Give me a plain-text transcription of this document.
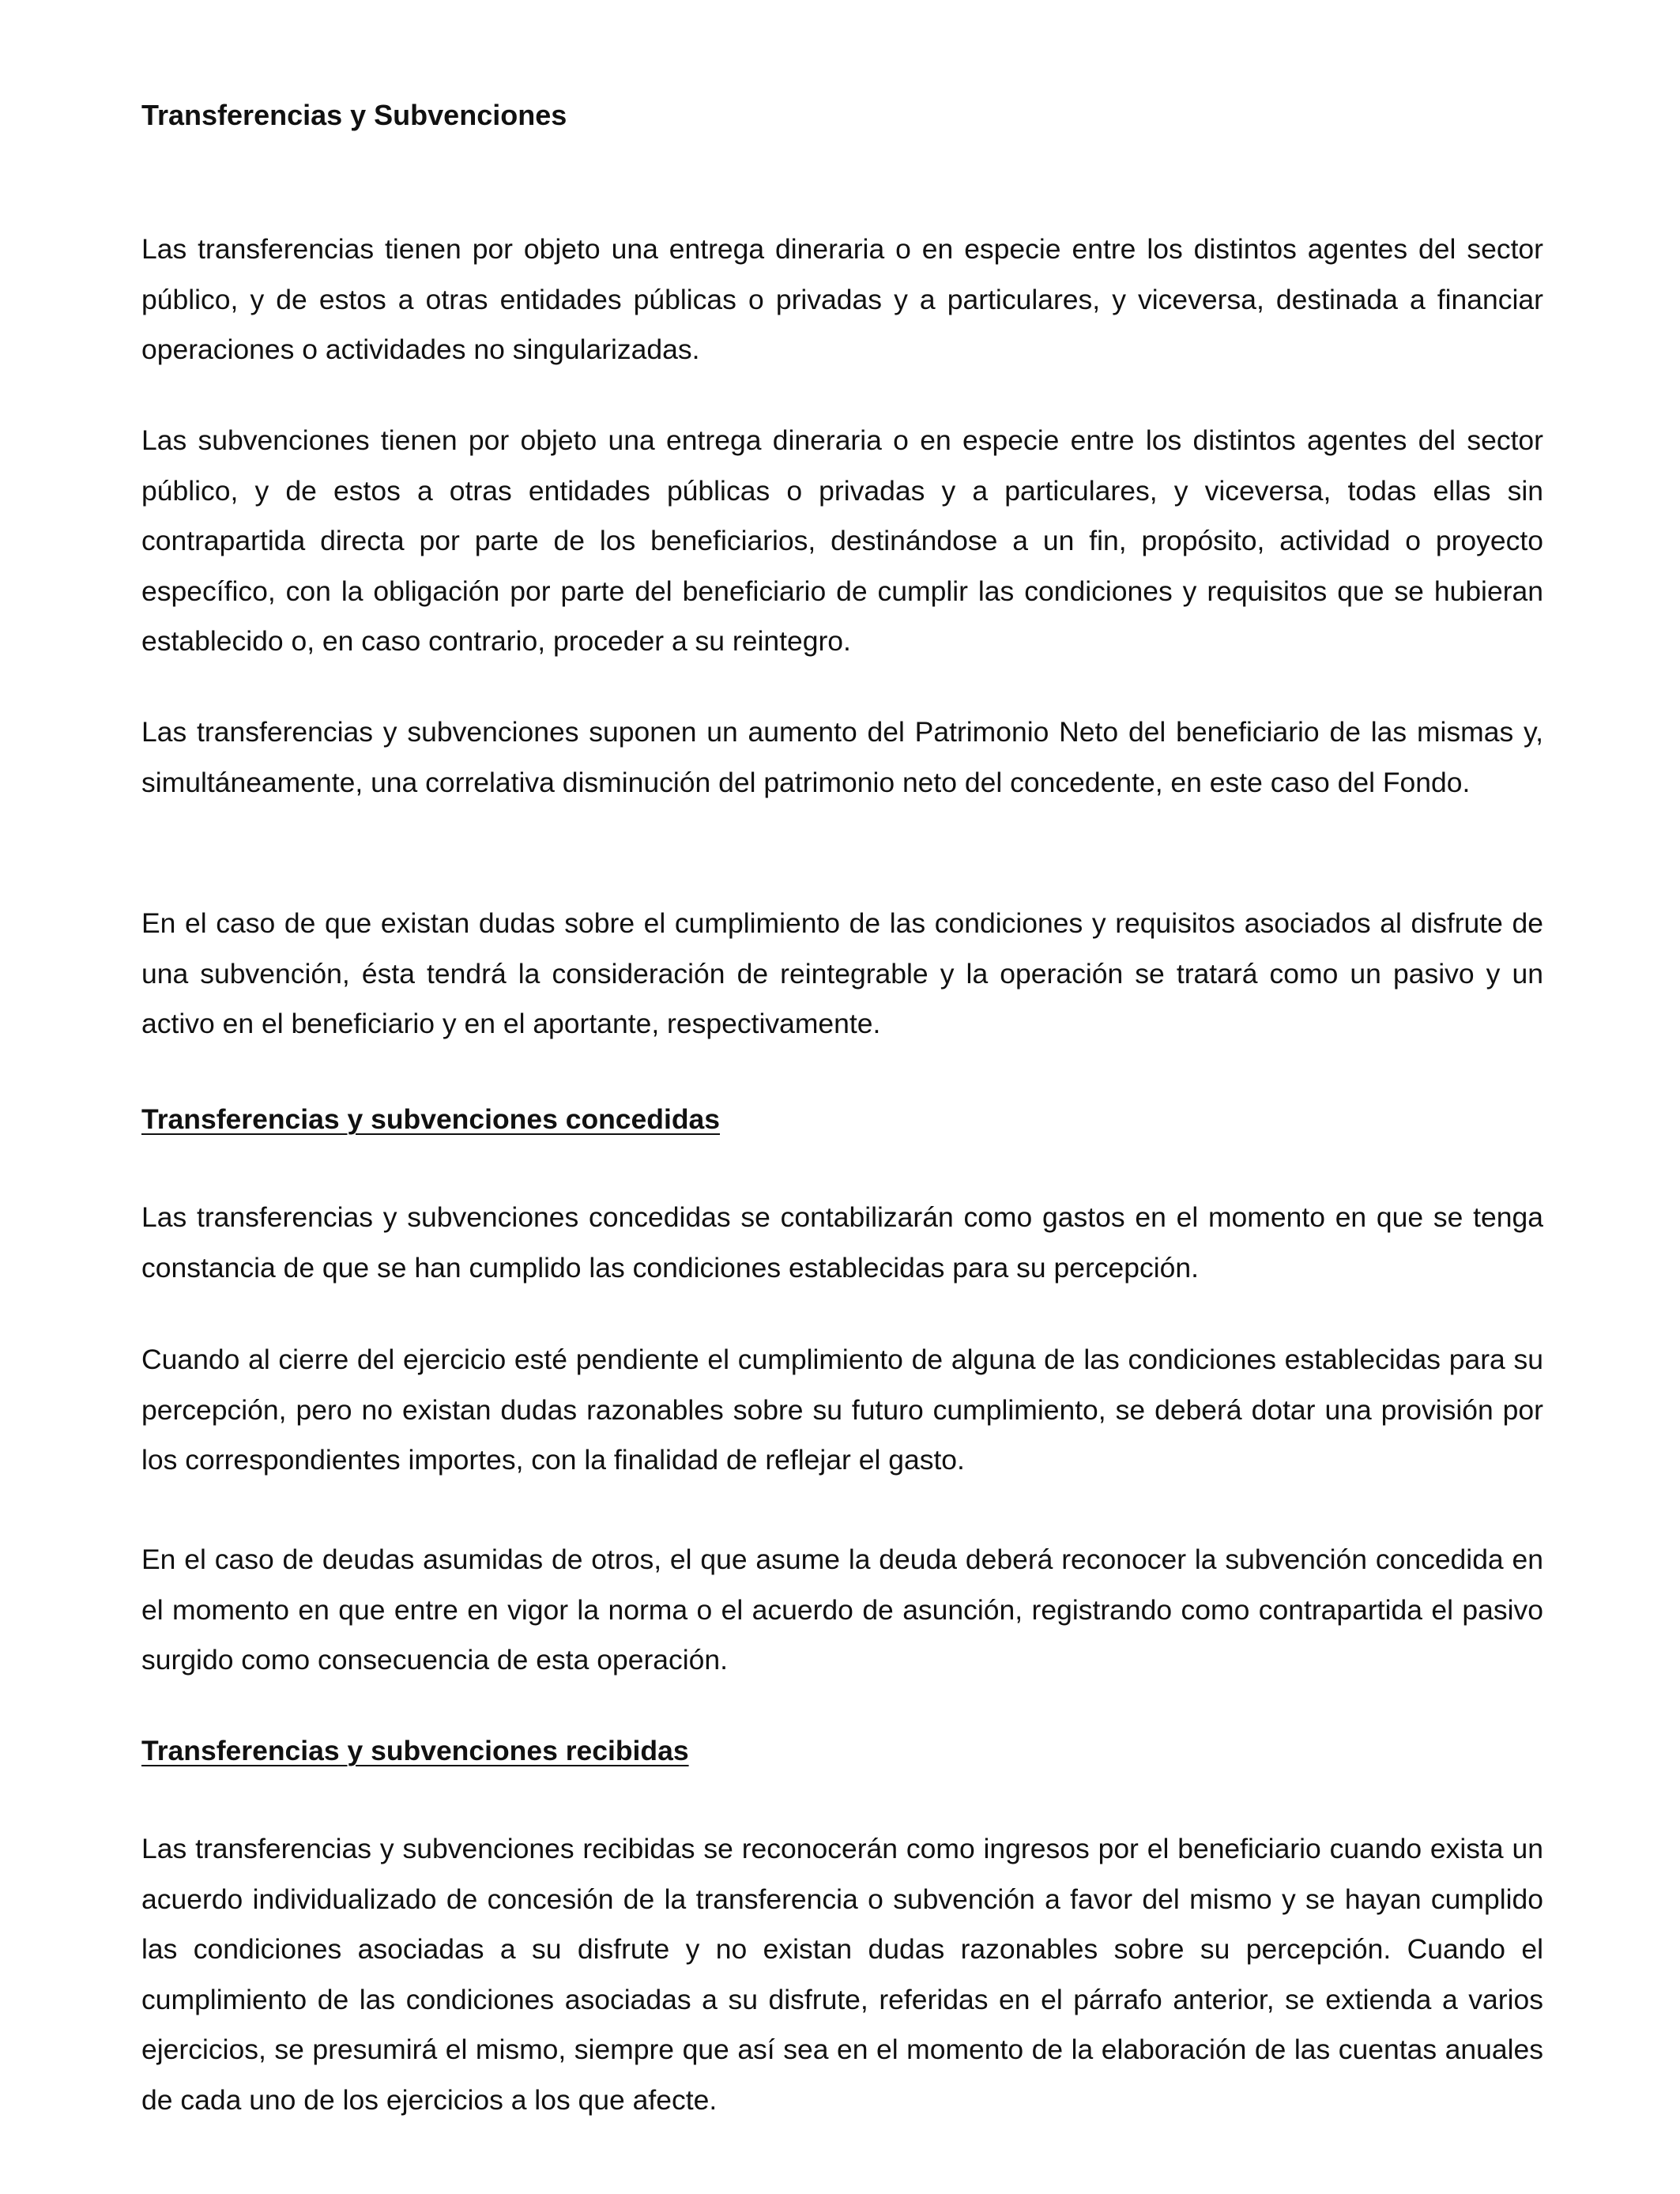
Transferencias y Subvenciones

Las transferencias tienen por objeto una entrega dineraria o en especie entre los distintos agentes del sector público, y de estos a otras entidades públicas o privadas y a particulares, y viceversa, destinada a financiar operaciones o actividades no singularizadas.

Las subvenciones tienen por objeto una entrega dineraria o en especie entre los distintos agentes del sector público, y de estos a otras entidades públicas o privadas y a particulares, y viceversa, todas ellas sin contrapartida directa por parte de los beneficiarios, destinándose a un fin, propósito, actividad o proyecto específico, con la obligación por parte del beneficiario de cumplir las condiciones y requisitos que se hubieran establecido o, en caso contrario, proceder a su reintegro.

Las transferencias y subvenciones suponen un aumento del Patrimonio Neto del beneficiario de las mismas y, simultáneamente, una correlativa disminución del patrimonio neto del concedente, en este caso del Fondo.

En el caso de que existan dudas sobre el cumplimiento de las condiciones y requisitos asociados al disfrute de una subvención, ésta tendrá la consideración de reintegrable y la operación se tratará como un pasivo y un activo en el beneficiario y en el aportante, respectivamente.

Transferencias y subvenciones concedidas

Las transferencias y subvenciones concedidas se contabilizarán como gastos en el momento en que se tenga constancia de que se han cumplido las condiciones establecidas para su percepción.

Cuando al cierre del ejercicio esté pendiente el cumplimiento de alguna de las condiciones establecidas para su percepción, pero no existan dudas razonables sobre su futuro cumplimiento, se deberá dotar una provisión por los correspondientes importes, con la finalidad de reflejar el gasto.

En el caso de deudas asumidas de otros, el que asume la deuda deberá reconocer la subvención concedida en el momento en que entre en vigor la norma o el acuerdo de asunción, registrando como contrapartida el pasivo surgido como consecuencia de esta operación.

Transferencias y subvenciones recibidas

Las transferencias y subvenciones recibidas se reconocerán como ingresos por el beneficiario cuando exista un acuerdo individualizado de concesión de la transferencia o subvención a favor del mismo y se hayan cumplido las condiciones asociadas a su disfrute y no existan dudas razonables sobre su percepción. Cuando el cumplimiento de las condiciones asociadas a su disfrute, referidas en el párrafo anterior, se extienda a varios ejercicios, se presumirá el mismo, siempre que así sea en el momento de la elaboración de las cuentas anuales de cada uno de los ejercicios a los que afecte.
